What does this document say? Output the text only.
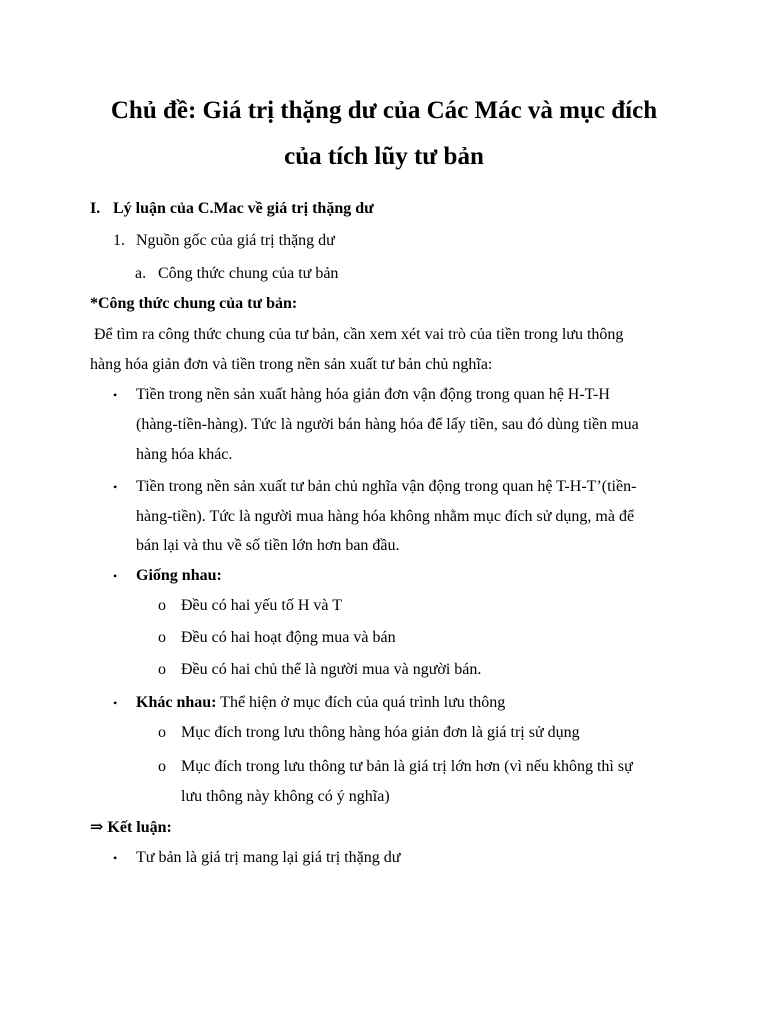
Chủ đề: Giá trị thặng dư của Các Mác và mục đích
của tích lũy tư bản
I. Lý luận của C.Mac về giá trị thặng dư
1. Nguồn gốc của giá trị thặng dư
a. Công thức chung của tư bản
*Công thức chung của tư bản:
Để tìm ra công thức chung của tư bản, cần xem xét vai trò của tiền trong lưu thông
hàng hóa giản đơn và tiền trong nền sản xuất tư bản chủ nghĩa:
• Tiền trong nền sản xuất hàng hóa giản đơn vận động trong quan hệ H-T-H
(hàng-tiền-hàng). Tức là người bán hàng hóa để lấy tiền, sau đó dùng tiền mua
hàng hóa khác.
• Tiền trong nền sản xuất tư bản chủ nghĩa vận động trong quan hệ T-H-T’(tiền-
hàng-tiền). Tức là người mua hàng hóa không nhằm mục đích sử dụng, mà để
bán lại và thu về số tiền lớn hơn ban đầu.
• Giống nhau:
o Đều có hai yếu tố H và T
o Đều có hai hoạt động mua và bán
o Đều có hai chủ thể là người mua và người bán.
• Khác nhau: Thể hiện ở mục đích của quá trình lưu thông
o Mục đích trong lưu thông hàng hóa giản đơn là giá trị sử dụng
o Mục đích trong lưu thông tư bản là giá trị lớn hơn (vì nếu không thì sự
lưu thông này không có ý nghĩa)
⇒ Kết luận:
• Tư bản là giá trị mang lại giá trị thặng dư
